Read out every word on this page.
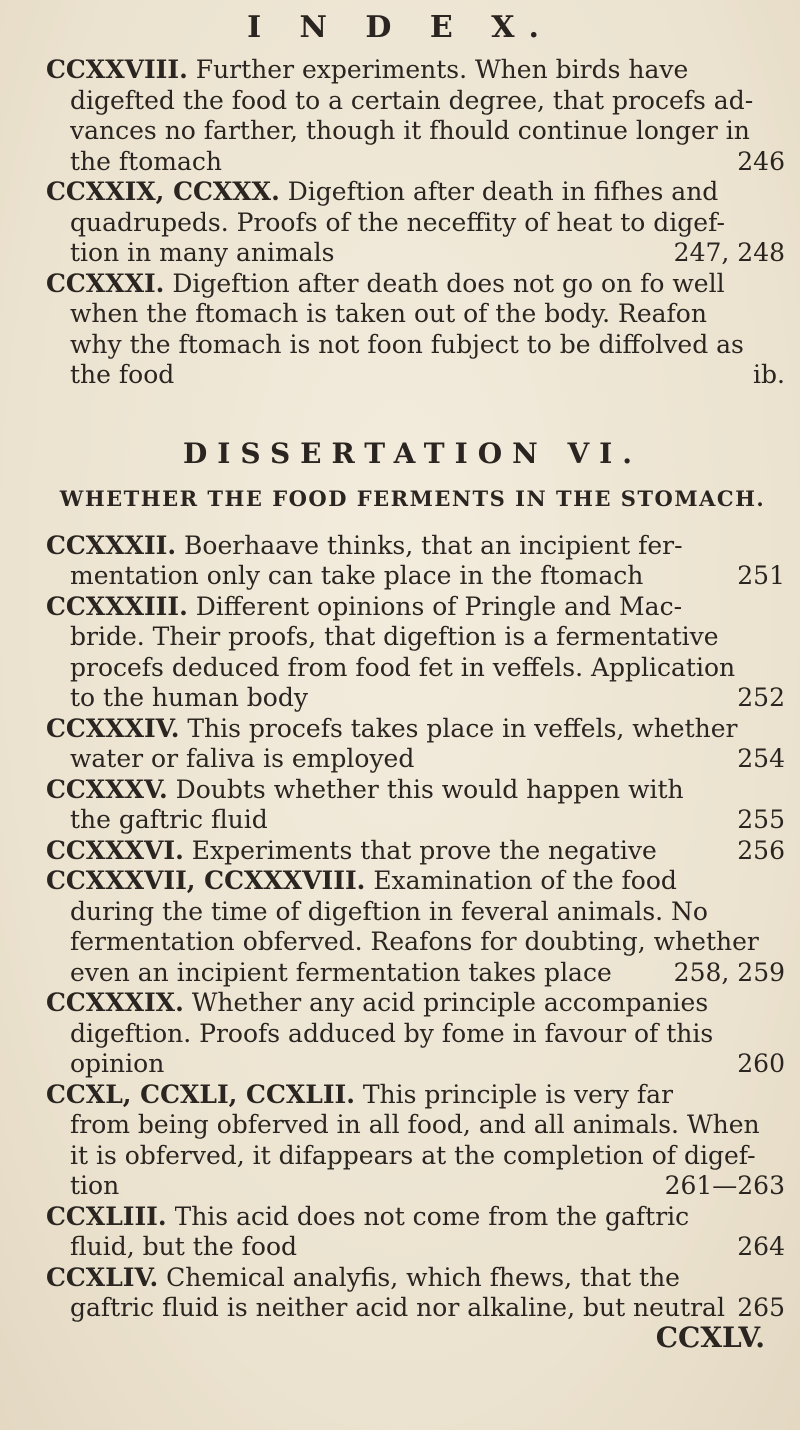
I N D E X.
CCXXVIII.
Further experiments. When birds have
digefted the food to a certain degree, that procefs ad-
vances no farther, though it fhould continue longer in
the ftomach	246
CCXXIX, CCXXX.
Digeftion after death in fifhes and
quadrupeds. Proofs of the neceffity of heat to digef-
tion in many animals	247, 248
CCXXXI.
Digeftion after death does not go on fo well
when the ftomach is taken out of the body. Reafon
why the ftomach is not foon fubject to be diffolved as
the food	ib.
DISSERTATION VI.
WHETHER THE FOOD FERMENTS IN THE STOMACH.
CCXXXII.
Boerhaave thinks, that an incipient fer-
mentation only can take place in the ftomach	251
CCXXXIII.
Different opinions of Pringle and Mac-
bride. Their proofs, that digeftion is a fermentative
procefs deduced from food fet in veffels. Application
to the human body	252
CCXXXIV.
This procefs takes place in veffels, whether
water or faliva is employed	254
CCXXXV.
Doubts whether this would happen with
the gaftric fluid	255
CCXXXVI.
Experiments that prove the negative	256
CCXXXVII, CCXXXVIII.
Examination of the food
during the time of digeftion in feveral animals. No
fermentation obferved. Reafons for doubting, whether
even an incipient fermentation takes place	258, 259
CCXXXIX.
Whether any acid principle accompanies
digeftion. Proofs adduced by fome in favour of this
opinion	260
CCXL, CCXLI, CCXLII.
This principle is very far
from being obferved in all food, and all animals. When
it is obferved, it difappears at the completion of digef-
tion	261—263
CCXLIII.
This acid does not come from the gaftric
fluid, but the food	264
CCXLIV.
Chemical analyfis, which fhews, that the
gaftric fluid is neither acid nor alkaline, but neutral 265
CCXLV.
